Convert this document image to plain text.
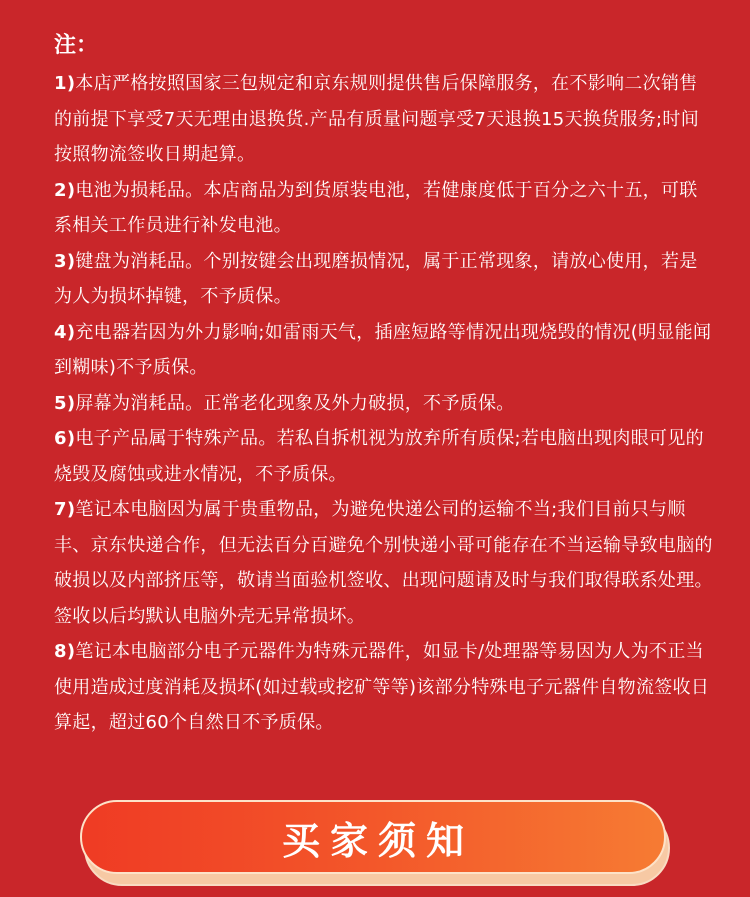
注：

1)本店严格按照国家三包规定和京东规则提供售后保障服务，在不影响二次销售的前提下享受7天无理由退换货.产品有质量问题享受7天退换15天换货服务;时间按照物流签收日期起算。

2)电池为损耗品。本店商品为到货原装电池，若健康度低于百分之六十五，可联系相关工作员进行补发电池。

3)键盘为消耗品。个别按键会出现磨损情况，属于正常现象，请放心使用，若是为人为损坏掉键，不予质保。

4)充电器若因为外力影响;如雷雨天气，插座短路等情况出现烧毁的情况(明显能闻到糊味)不予质保。

5)屏幕为消耗品。正常老化现象及外力破损，不予质保。

6)电子产品属于特殊产品。若私自拆机视为放弃所有质保;若电脑出现肉眼可见的烧毁及腐蚀或进水情况，不予质保。

7)笔记本电脑因为属于贵重物品，为避免快递公司的运输不当;我们目前只与顺丰、京东快递合作，但无法百分百避免个别快递小哥可能存在不当运输导致电脑的破损以及内部挤压等，敬请当面验机签收、出现问题请及时与我们取得联系处理。签收以后均默认电脑外壳无异常损坏。

8)笔记本电脑部分电子元器件为特殊元器件，如显卡/处理器等易因为人为不正当使用造成过度消耗及损坏(如过载或挖矿等等)该部分特殊电子元器件自物流签收日算起，超过60个自然日不予质保。

买家须知
